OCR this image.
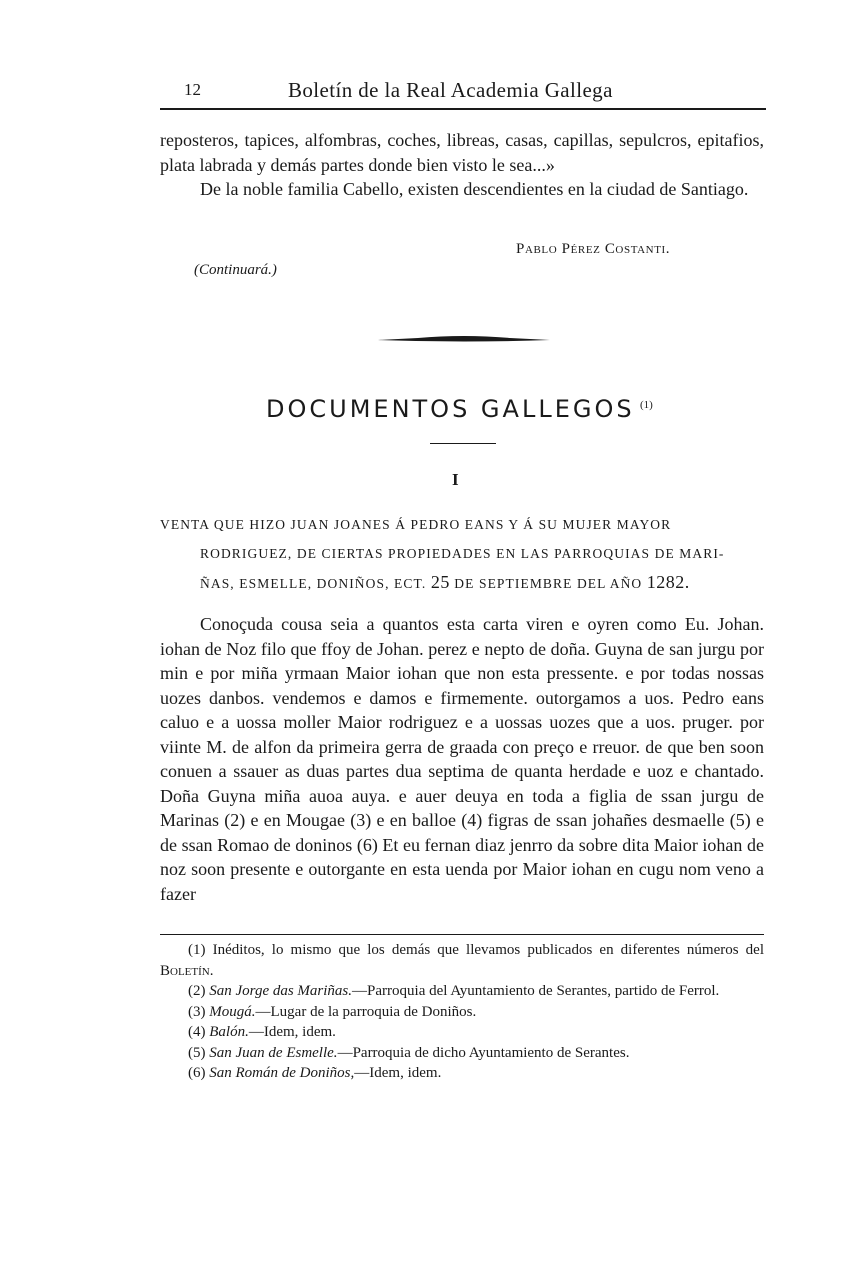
12	Boletín de la Real Academia Gallega

reposteros, tapices, alfombras, coches, libreas, casas, capillas, sepulcros, epitafios, plata labrada y demás partes donde bien visto le sea...»

De la noble familia Cabello, existen descendientes en la ciudad de Santiago.

Pablo Pérez Costanti.
(Continuará.)
DOCUMENTOS GALLEGOS (1)
I
VENTA QUE HIZO JUAN JOANES Á PEDRO EANS Y Á SU MUJER MAYOR
RODRIGUEZ, DE CIERTAS PROPIEDADES EN LAS PARROQUIAS DE MARI-
ÑAS, ESMELLE, DONIÑOS, ECT. 25 DE SEPTIEMBRE DEL AÑO 1282.

Conoçuda cousa seia a quantos esta carta viren e oyren como Eu. Johan. iohan de Noz filo que ffoy de Johan. perez e nepto de doña. Guyna de san jurgu por min e por miña yrmaan Maior iohan que non esta pressente. e por todas nossas uozes danbos. vendemos e damos e firmemente. outorgamos a uos. Pedro eans caluo e a uossa moller Maior rodriguez e a uossas uozes que a uos. pruger. por viinte M. de alfon da primeira gerra de graada con preço e rreuor. de que ben soon conuen a ssauer as duas partes dua septima de quanta herdade e uoz e chantado. Doña Guyna miña auoa auya. e auer deuya en toda a figlia de ssan jurgu de Marinas (2) e en Mougae (3) e en balloe (4) figras de ssan johañes desmaelle (5) e de ssan Romao de doninos (6) Et eu fernan diaz jenrro da sobre dita Maior iohan de noz soon presente e outorgante en esta uenda por Maior iohan en cugu nom veno a fazer

(1) Inéditos, lo mismo que los demás que llevamos publicados en diferentes números del Boletín.

(2) San Jorge das Mariñas.—Parroquia del Ayuntamiento de Serantes, partido de Ferrol.

(3) Mougá.—Lugar de la parroquia de Doniños.

(4) Balón.—Idem, idem.

(5) San Juan de Esmelle.—Parroquia de dicho Ayuntamiento de Serantes.

(6) San Román de Doniños,—Idem, idem.
